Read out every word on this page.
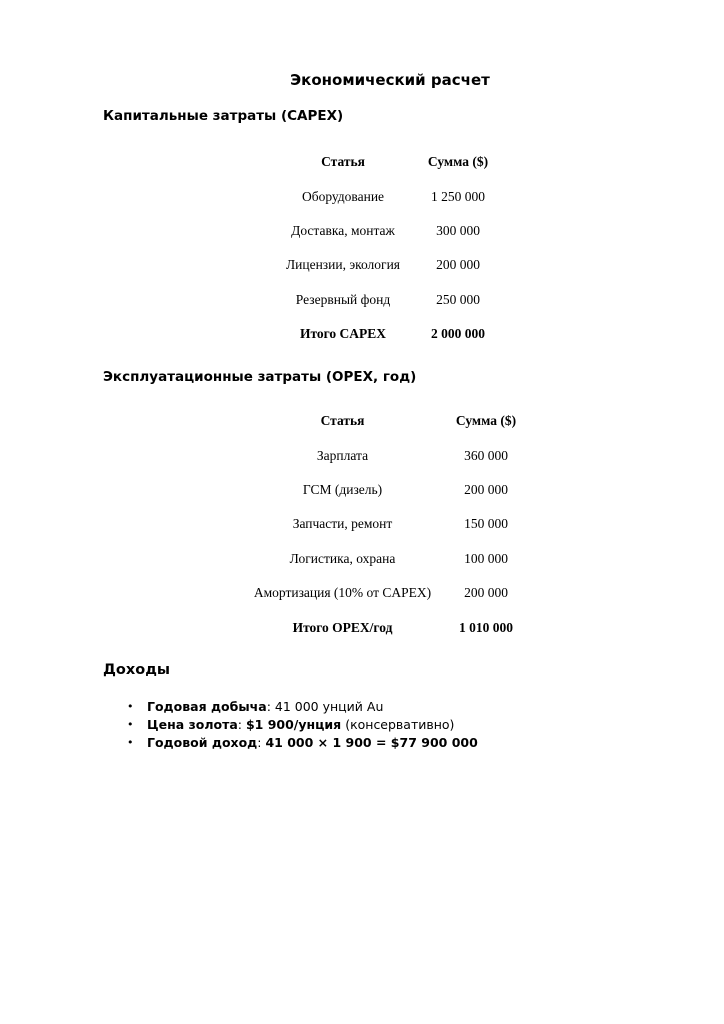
Экономический расчет
Капитальные затраты (CAPEX)
Статья		Сумма ($)
Оборудование		1 250 000
Доставка, монтаж		300 000
Лицензии, экология		200 000
Резервный фонд		250 000
Итого CAPEX		2 000 000
Эксплуатационные затраты (OPEX, год)
Статья		Сумма ($)
Зарплата		360 000
ГСМ (дизель)		200 000
Запчасти, ремонт		150 000
Логистика, охрана		100 000
Амортизация (10% от CAPEX)		200 000
Итого OPEX/год		1 010 000
Доходы
• Годовая добыча: 41 000 унций Au
• Цена золота: $1 900/унция (консервативно)
• Годовой доход: 41 000 × 1 900 = $77 900 000
